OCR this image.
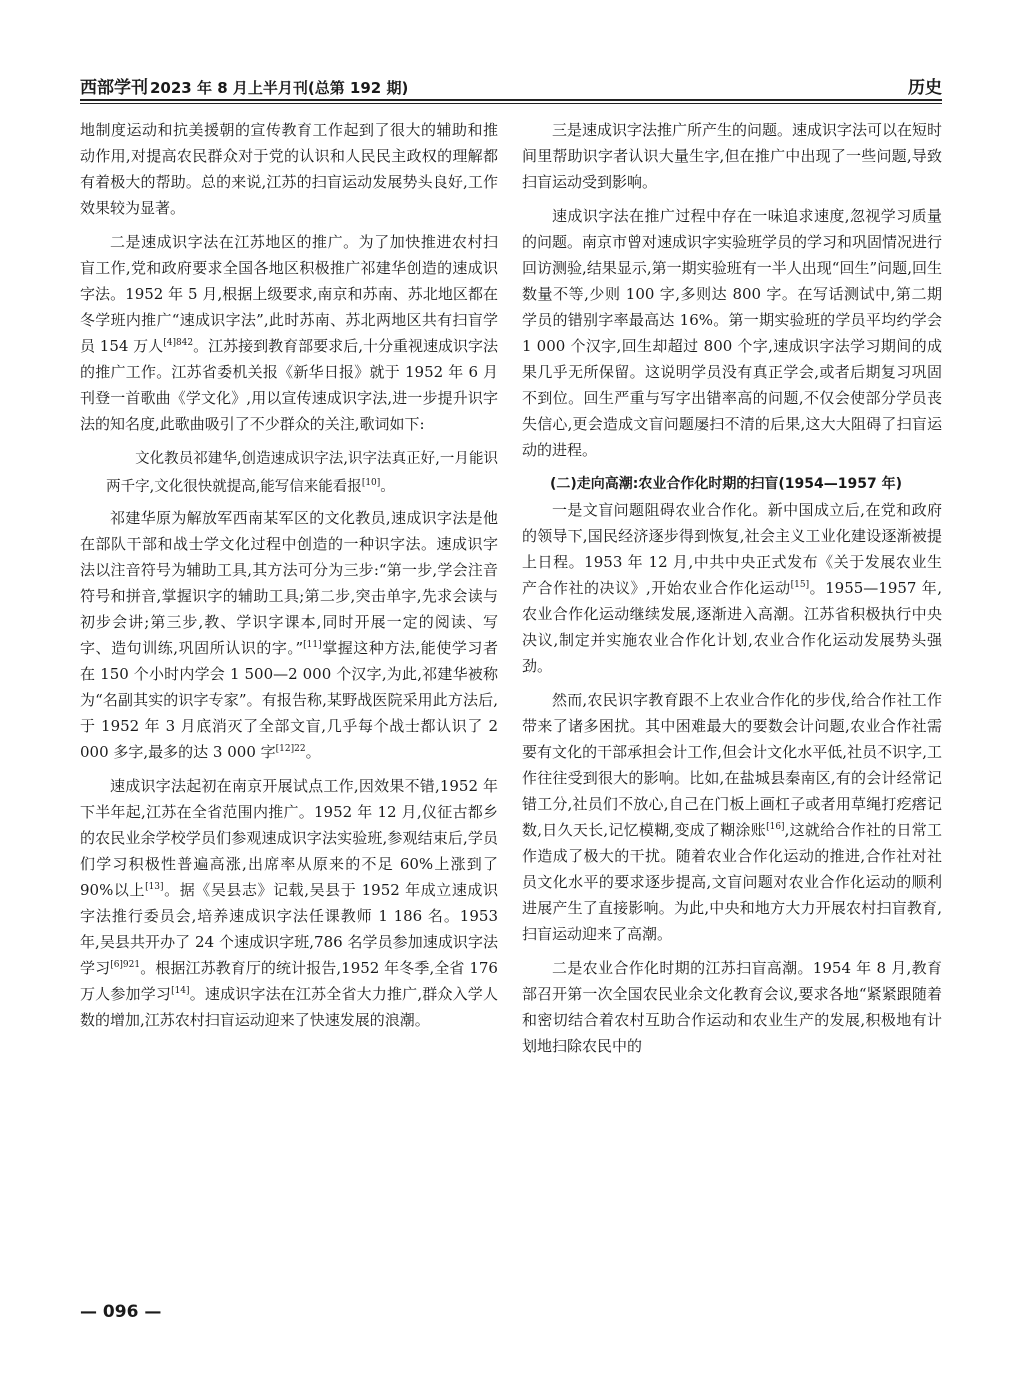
西部学刊 2023 年 8 月上半月刊(总第 192 期)	历史

地制度运动和抗美援朝的宣传教育工作起到了很大的辅助和推动作用,对提高农民群众对于党的认识和人民民主政权的理解都有着极大的帮助。总的来说,江苏的扫盲运动发展势头良好,工作效果较为显著。

二是速成识字法在江苏地区的推广。为了加快推进农村扫盲工作,党和政府要求全国各地区积极推广祁建华创造的速成识字法。1952 年 5 月,根据上级要求,南京和苏南、苏北地区都在冬学班内推广“速成识字法”,此时苏南、苏北两地区共有扫盲学员 154 万人$^{[4]842}$。江苏接到教育部要求后,十分重视速成识字法的推广工作。江苏省委机关报《新华日报》就于 1952 年 6 月刊登一首歌曲《学文化》,用以宣传速成识字法,进一步提升识字法的知名度,此歌曲吸引了不少群众的关注,歌词如下:

文化教员祁建华,创造速成识字法,识字法真正好,一月能识两千字,文化很快就提高,能写信来能看报[10]。

祁建华原为解放军西南某军区的文化教员,速成识字法是他在部队干部和战士学文化过程中创造的一种识字法。速成识字法以注音符号为辅助工具,其方法可分为三步:“第一步,学会注音符号和拼音,掌握识字的辅助工具;第二步,突击单字,先求会读与初步会讲;第三步,教、学识字课本,同时开展一定的阅读、写字、造句训练,巩固所认识的字。”[11]掌握这种方法,能使学习者在 150 个小时内学会 1 500—2 000 个汉字,为此,祁建华被称为“名副其实的识字专家”。有报告称,某野战医院采用此方法后,于 1952 年 3 月底消灭了全部文盲,几乎每个战士都认识了 2 000 多字,最多的达 3 000 字$^{[12]22}$。

速成识字法起初在南京开展试点工作,因效果不错,1952 年下半年起,江苏在全省范围内推广。1952 年 12 月,仪征古都乡的农民业余学校学员们参观速成识字法实验班,参观结束后,学员们学习积极性普遍高涨,出席率从原来的不足 60%上涨到了 90%以上[13]。据《吴县志》记载,吴县于 1952 年成立速成识字法推行委员会,培养速成识字法任课教师 1 186 名。1953 年,吴县共开办了 24 个速成识字班,786 名学员参加速成识字法学习$^{[6]921}$。根据江苏教育厅的统计报告,1952 年冬季,全省 176 万人参加学习[14]。速成识字法在江苏全省大力推广,群众入学人数的增加,江苏农村扫盲运动迎来了快速发展的浪潮。

三是速成识字法推广所产生的问题。速成识字法可以在短时间里帮助识字者认识大量生字,但在推广中出现了一些问题,导致扫盲运动受到影响。

速成识字法在推广过程中存在一味追求速度,忽视学习质量的问题。南京市曾对速成识字实验班学员的学习和巩固情况进行回访测验,结果显示,第一期实验班有一半人出现“回生”问题,回生数量不等,少则 100 字,多则达 800 字。在写话测试中,第二期学员的错别字率最高达 16%。第一期实验班的学员平均约学会 1 000 个汉字,回生却超过 800 个字,速成识字法学习期间的成果几乎无所保留。这说明学员没有真正学会,或者后期复习巩固不到位。回生严重与写字出错率高的问题,不仅会使部分学员丧失信心,更会造成文盲问题屡扫不清的后果,这大大阻碍了扫盲运动的进程。

(二)走向高潮:农业合作化时期的扫盲(1954—1957 年)

一是文盲问题阻碍农业合作化。新中国成立后,在党和政府的领导下,国民经济逐步得到恢复,社会主义工业化建设逐渐被提上日程。1953 年 12 月,中共中央正式发布《关于发展农业生产合作社的决议》,开始农业合作化运动[15]。1955—1957 年,农业合作化运动继续发展,逐渐进入高潮。江苏省积极执行中央决议,制定并实施农业合作化计划,农业合作化运动发展势头强劲。

然而,农民识字教育跟不上农业合作化的步伐,给合作社工作带来了诸多困扰。其中困难最大的要数会计问题,农业合作社需要有文化的干部承担会计工作,但会计文化水平低,社员不识字,工作往往受到很大的影响。比如,在盐城县秦南区,有的会计经常记错工分,社员们不放心,自己在门板上画杠子或者用草绳打疙瘩记数,日久天长,记忆模糊,变成了糊涂账[16],这就给合作社的日常工作造成了极大的干扰。随着农业合作化运动的推进,合作社对社员文化水平的要求逐步提高,文盲问题对农业合作化运动的顺利进展产生了直接影响。为此,中央和地方大力开展农村扫盲教育,扫盲运动迎来了高潮。

二是农业合作化时期的江苏扫盲高潮。1954 年 8 月,教育部召开第一次全国农民业余文化教育会议,要求各地“紧紧跟随着和密切结合着农村互助合作运动和农业生产的发展,积极地有计划地扫除农民中的

— 096 —
